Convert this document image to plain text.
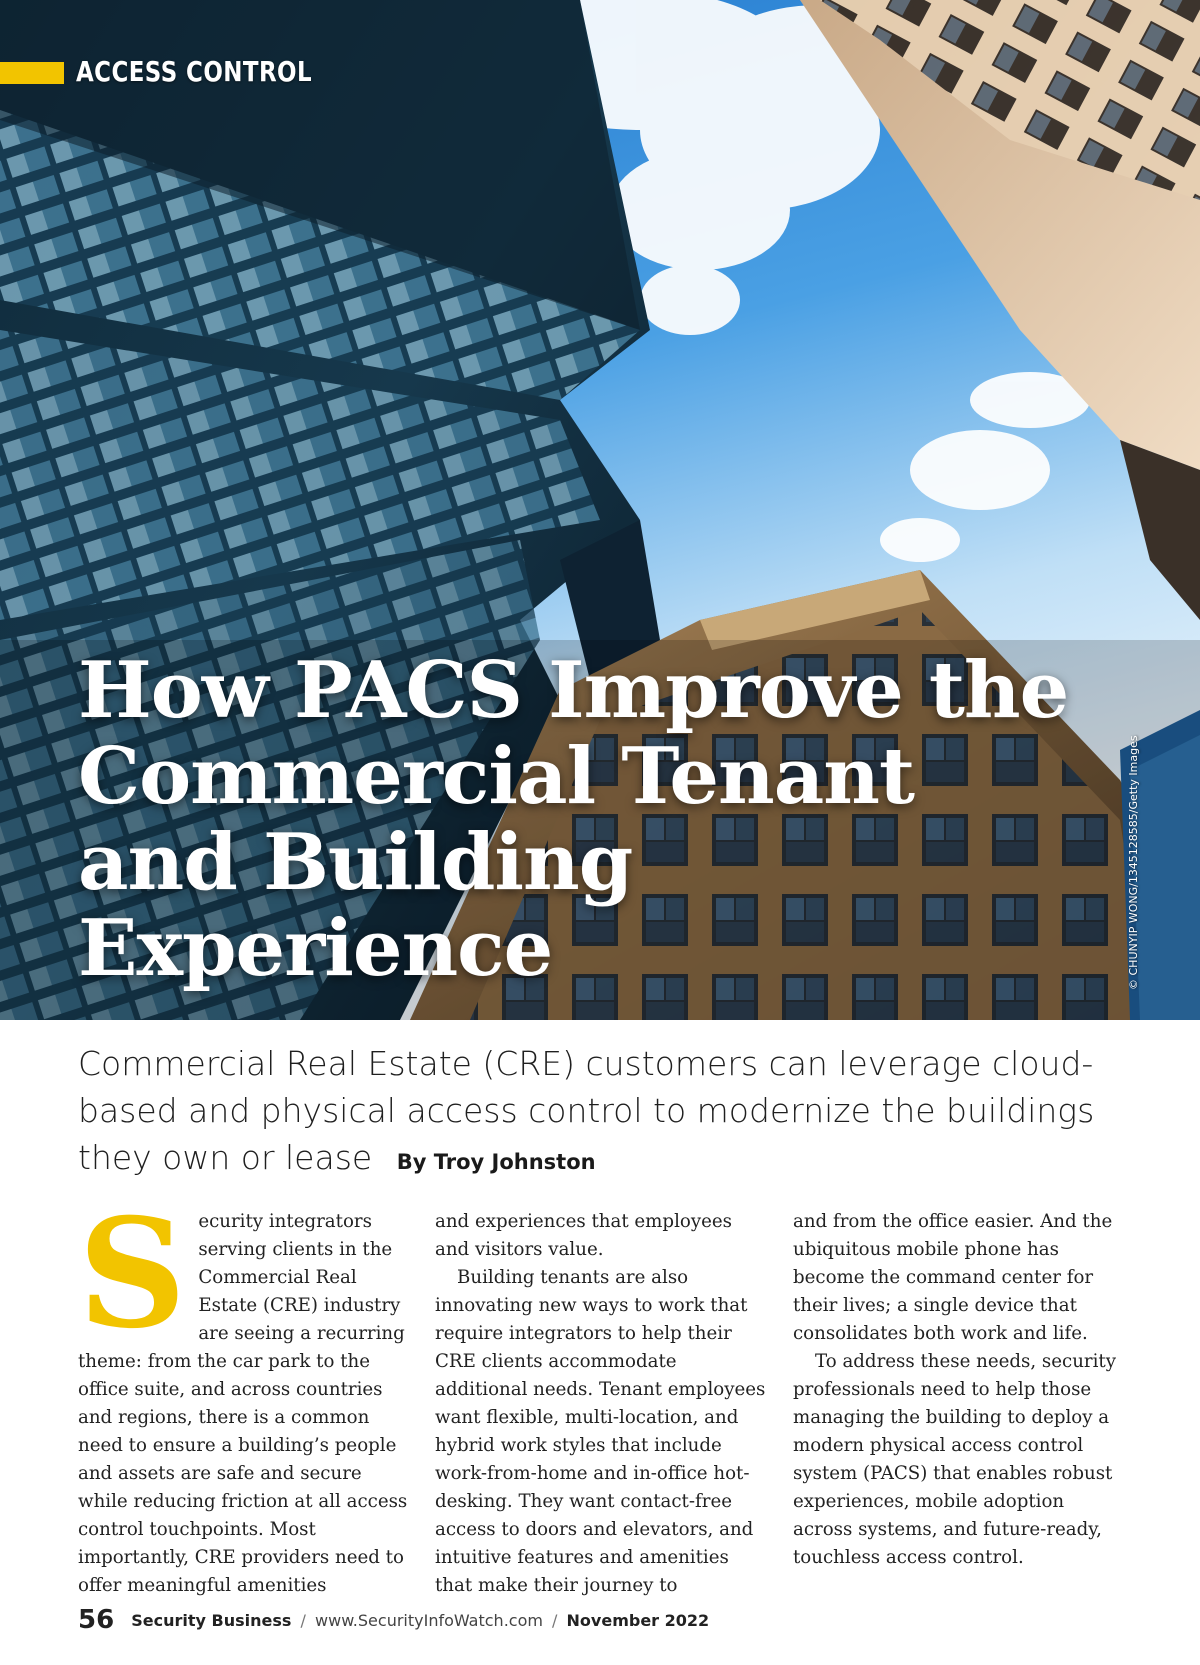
ACCESS CONTROL
How PACS Improve the Commercial Tenant and Building Experience	© CHUNYIP WONG/1345128585/Getty Images
Commercial Real Estate (CRE) customers can leverage cloud-based and physical access control to modernize the buildings they own or lease By Troy Johnston

Security integrators serving clients in the Commercial Real Estate (CRE) industry are seeing a recurring theme: from the car park to the office suite, and across countries and regions, there is a common need to ensure a building’s people and assets are safe and secure while reducing friction at all access control touchpoints. Most importantly, CRE providers need to offer meaningful amenities

and experiences that employees and visitors value.

Building tenants are also innovating new ways to work that require integrators to help their CRE clients accommodate additional needs. Tenant employees want flexible, multi-location, and hybrid work styles that include work-from-home and in-office hot-desking. They want contact-free access to doors and elevators, and intuitive features and amenities that make their journey to

and from the office easier. And the ubiquitous mobile phone has become the command center for their lives; a single device that consolidates both work and life.

To address these needs, security professionals need to help those managing the building to deploy a modern physical access control system (PACS) that enables robust experiences, mobile adoption across systems, and future-ready, touchless access control.

56 Security Business / www.SecurityInfoWatch.com / November 2022
